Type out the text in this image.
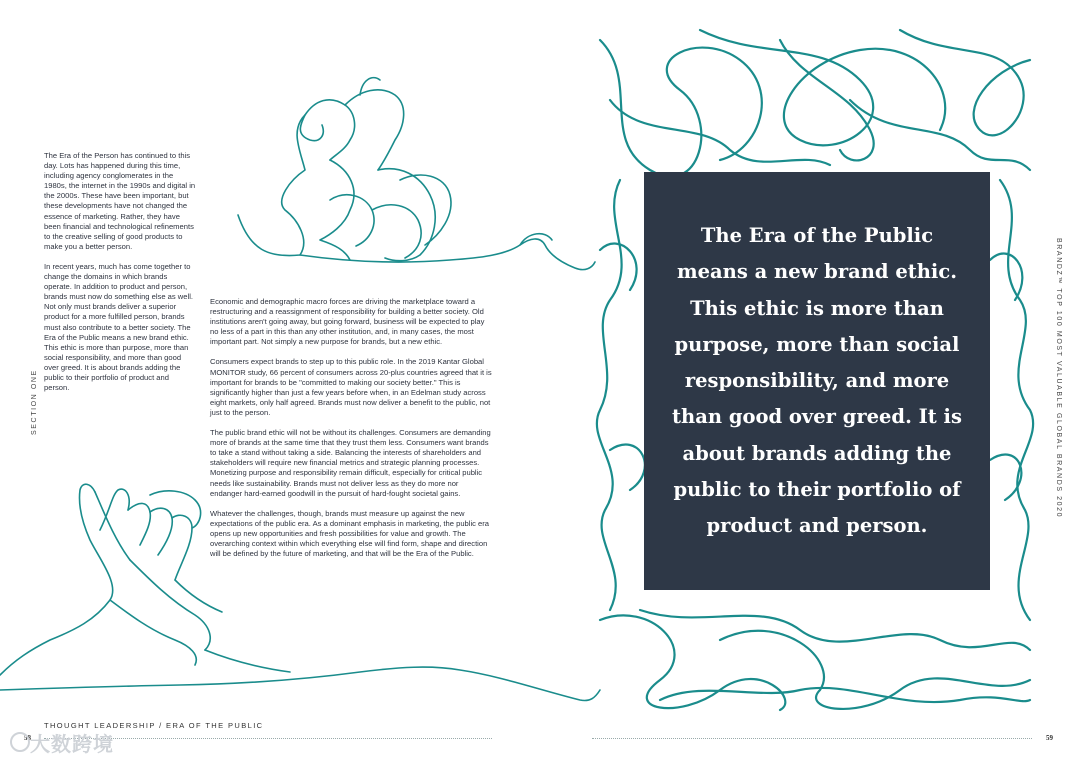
The Era of the Person has continued to this day. Lots has happened during this time, including agency conglomerates in the 1980s, the internet in the 1990s and digital in the 2000s. These have been important, but these developments have not changed the essence of marketing. Rather, they have been financial and technological refinements to the creative selling of good products to make you a better person.

In recent years, much has come together to change the domains in which brands operate. In addition to product and person, brands must now do something else as well. Not only must brands deliver a superior product for a more fulfilled person, brands must also contribute to a better society. The Era of the Public means a new brand ethic. This ethic is more than purpose, more than social responsibility, and more than good over greed. It is about brands adding the public to their portfolio of product and person.

Economic and demographic macro forces are driving the marketplace toward a restructuring and a reassignment of responsibility for building a better society. Old institutions aren't going away, but going forward, business will be expected to play no less of a part in this than any other institution, and, in many cases, the most important part. Not simply a new purpose for brands, but a new ethic.

Consumers expect brands to step up to this public role. In the 2019 Kantar Global MONITOR study, 66 percent of consumers across 20-plus countries agreed that it is important for brands to be "committed to making our society better." This is significantly higher than just a few years before when, in an Edelman study across eight markets, only half agreed. Brands must now deliver a benefit to the public, not just to the person.

The public brand ethic will not be without its challenges. Consumers are demanding more of brands at the same time that they trust them less. Consumers want brands to take a stand without taking a side. Balancing the interests of shareholders and stakeholders will require new financial metrics and strategic planning processes. Monetizing purpose and responsibility remain difficult, especially for critical public needs like sustainability. Brands must not deliver less as they do more nor endanger hard-earned goodwill in the pursuit of hard-fought societal gains.

Whatever the challenges, though, brands must measure up against the new expectations of the public era. As a dominant emphasis in marketing, the public era opens up new opportunities and fresh possibilities for value and growth. The overarching context within which everything else will find form, shape and direction will be defined by the future of marketing, and that will be the Era of the Public.

The Era of the Public means a new brand ethic. This ethic is more than purpose, more than social responsibility, and more than good over greed. It is about brands adding the public to their portfolio of product and person.
SECTION ONE	BRANDZ™ TOP 100 MOST VALUABLE GLOBAL BRANDS 2020
THOUGHT LEADERSHIP / ERA OF THE PUBLIC
58	59
大数跨境
